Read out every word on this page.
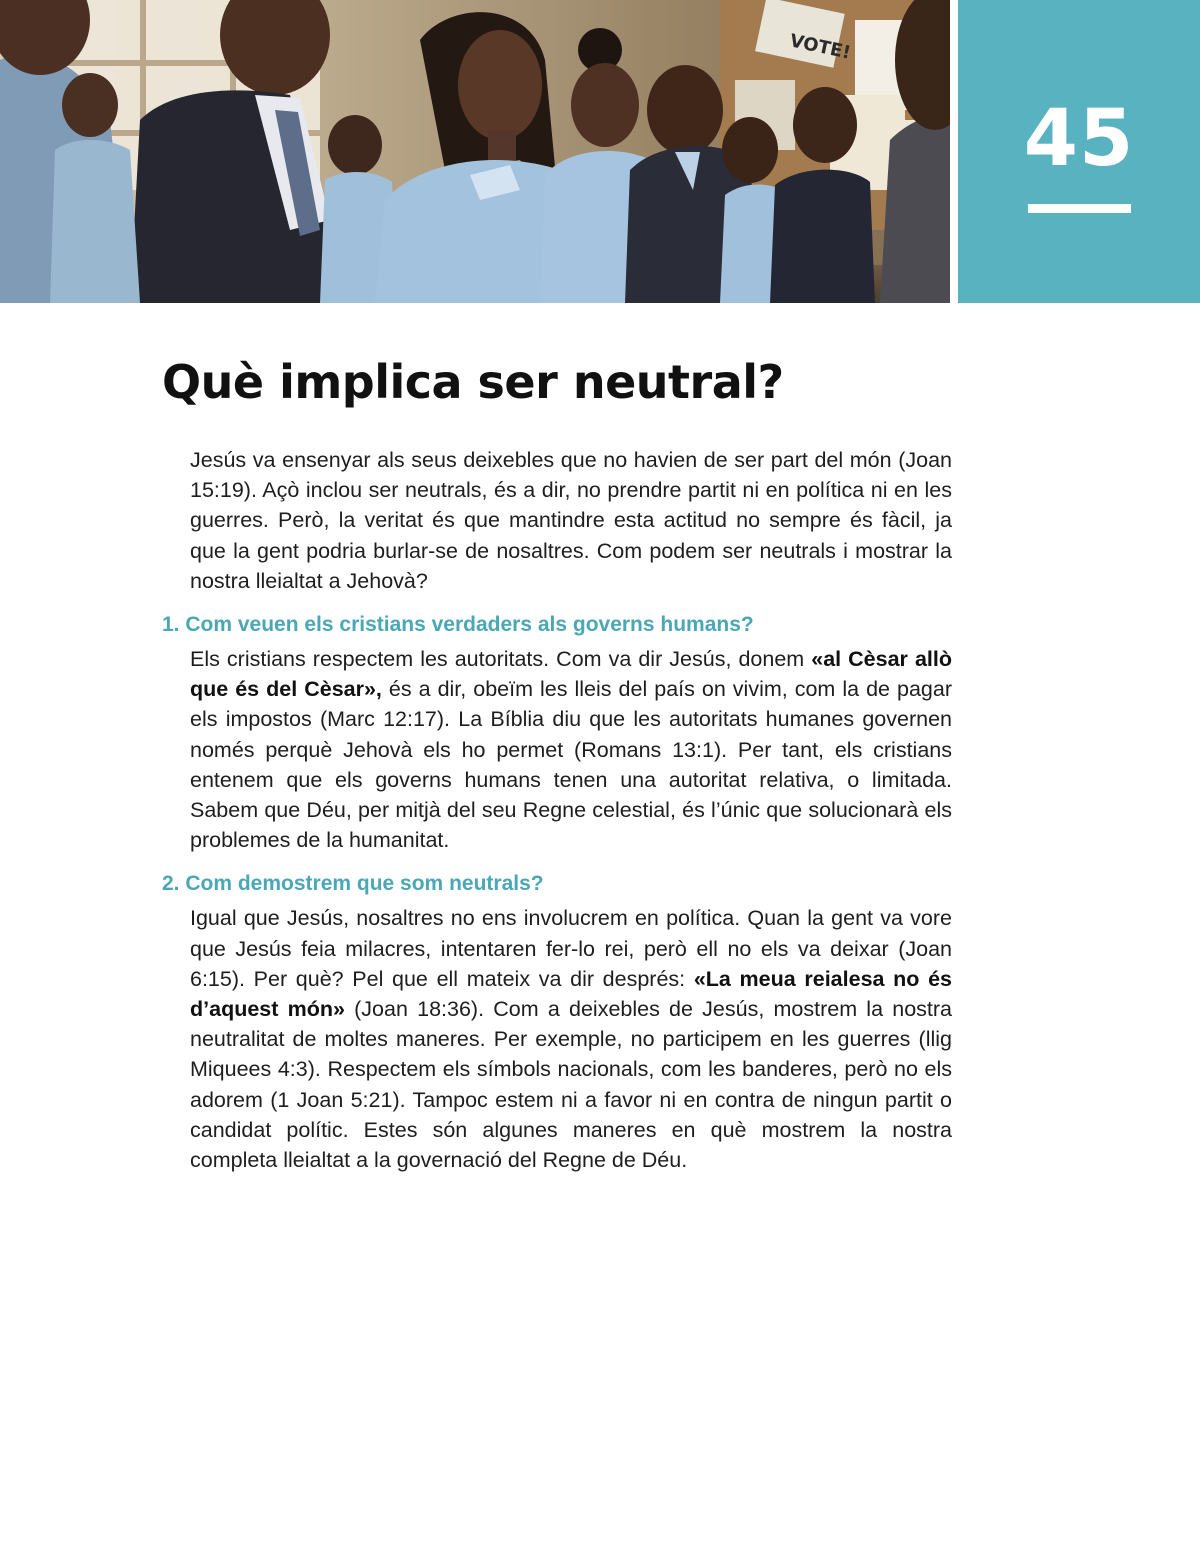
VOTE!
45
Què implica ser neutral?

Jesús va ensenyar als seus deixebles que no havien de ser part del món (Joan 15:19). Açò inclou ser neutrals, és a dir, no prendre partit ni en política ni en les guerres. Però, la veritat és que mantindre esta actitud no sempre és fàcil, ja que la gent podria burlar-se de nosaltres. Com podem ser neutrals i mostrar la nostra lleialtat a Jehovà?

1. Com veuen els cristians verdaders als governs humans?

Els cristians respectem les autoritats. Com va dir Jesús, donem «al Cèsar allò que és del Cèsar», és a dir, obeïm les lleis del país on vivim, com la de pagar els impostos (Marc 12:17). La Bíblia diu que les autoritats humanes governen només perquè Jehovà els ho permet (Romans 13:1). Per tant, els cristians entenem que els governs humans tenen una autoritat relativa, o limitada. Sabem que Déu, per mitjà del seu Regne celestial, és l’únic que solucionarà els problemes de la humanitat.

2. Com demostrem que som neutrals?

Igual que Jesús, nosaltres no ens involucrem en política. Quan la gent va vore que Jesús feia milacres, intentaren fer-lo rei, però ell no els va deixar (Joan 6:15). Per què? Pel que ell mateix va dir després: «La meua reialesa no és d’aquest món» (Joan 18:36). Com a deixebles de Jesús, mostrem la nostra neutralitat de moltes maneres. Per exemple, no participem en les guerres (llig Miquees 4:3). Respectem els símbols nacionals, com les banderes, però no els adorem (1 Joan 5:21). Tampoc estem ni a favor ni en contra de ningun partit o candidat polític. Estes són algunes maneres en què mostrem la nostra completa lleialtat a la governació del Regne de Déu.
